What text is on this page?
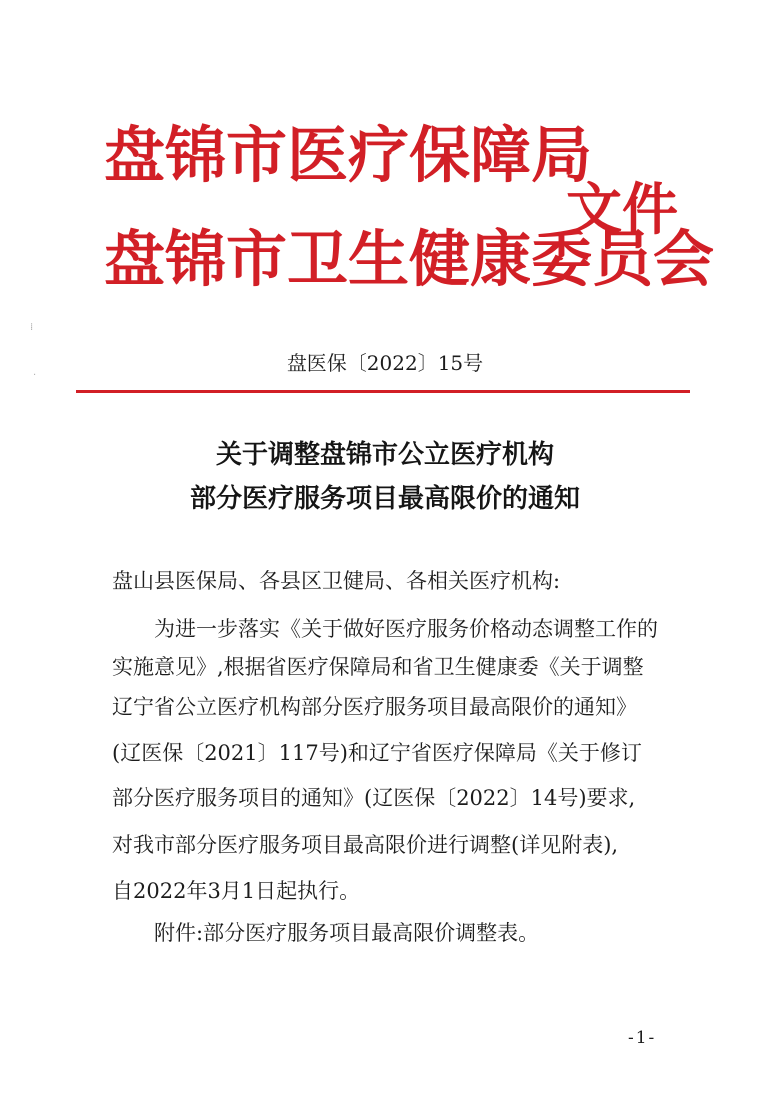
盘锦市医疗保障局
盘锦市卫生健康委员会
文件
⁞
·
盘医保〔2022〕15号
关于调整盘锦市公立医疗机构
部分医疗服务项目最高限价的通知
盘山县医保局、各县区卫健局、各相关医疗机构:
为进一步落实《关于做好医疗服务价格动态调整工作的
实施意见》,根据省医疗保障局和省卫生健康委《关于调整
辽宁省公立医疗机构部分医疗服务项目最高限价的通知》
(辽医保〔2021〕117号)和辽宁省医疗保障局《关于修订
部分医疗服务项目的通知》(辽医保〔2022〕14号)要求,
对我市部分医疗服务项目最高限价进行调整(详见附表),
自2022年3月1日起执行。
附件:部分医疗服务项目最高限价调整表。
-1-
